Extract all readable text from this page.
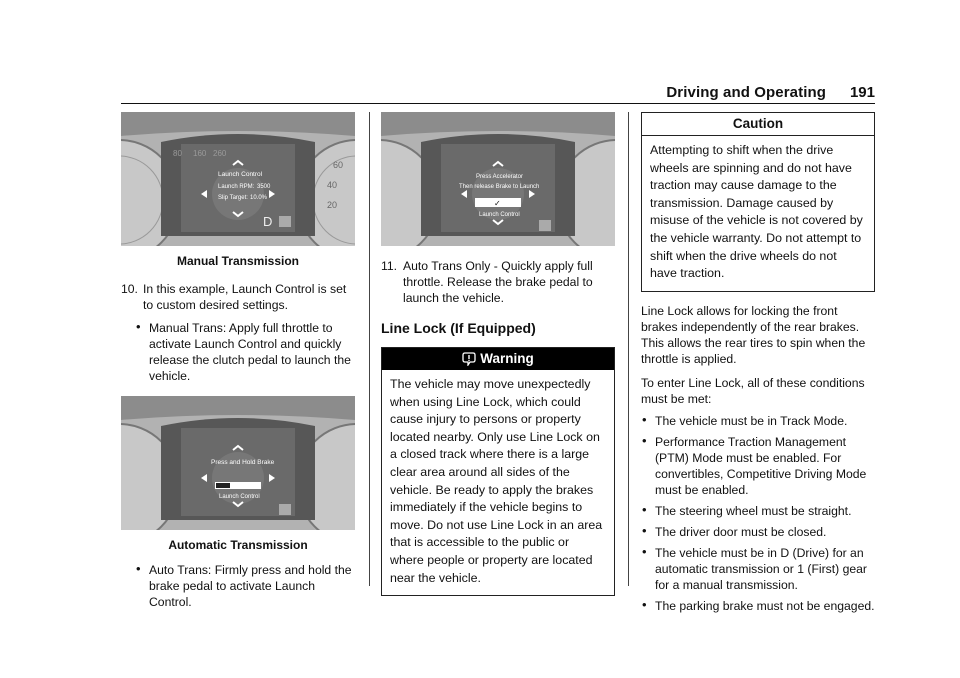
Driving and Operating 191
40
20
60
80 160 260
Launch Control
Launch RPM: 3500
Slip Target: 10.0%
D
Manual Transmission
10. In this example, Launch Control is set to custom desired settings.
• Manual Trans: Apply full throttle to activate Launch Control and quickly release the clutch pedal to launch the vehicle.
Press and Hold Brake
Launch Control
Automatic Transmission
• Auto Trans: Firmly press and hold the brake pedal to activate Launch Control.
Press Accelerator
Then release Brake to Launch
✓
Launch Control
11. Auto Trans Only - Quickly apply full throttle. Release the brake pedal to launch the vehicle.
Line Lock (If Equipped)
Warning
The vehicle may move unexpectedly when using Line Lock, which could cause injury to persons or property located nearby. Only use Line Lock on a closed track where there is a large clear area around all sides of the vehicle. Be ready to apply the brakes immediately if the vehicle begins to move. Do not use Line Lock in an area that is accessible to the public or where people or property are located near the vehicle.
Caution
Attempting to shift when the drive wheels are spinning and do not have traction may cause damage to the transmission. Damage caused by misuse of the vehicle is not covered by the vehicle warranty. Do not attempt to shift when the drive wheels do not have traction.

Line Lock allows for locking the front brakes independently of the rear brakes. This allows the rear tires to spin when the throttle is applied.

To enter Line Lock, all of these conditions must be met:

• The vehicle must be in Track Mode.
• Performance Traction Management (PTM) Mode must be enabled. For convertibles, Competitive Driving Mode must be enabled.
• The steering wheel must be straight.
• The driver door must be closed.
• The vehicle must be in D (Drive) for an automatic transmission or 1 (First) gear for a manual transmission.
• The parking brake must not be engaged.
